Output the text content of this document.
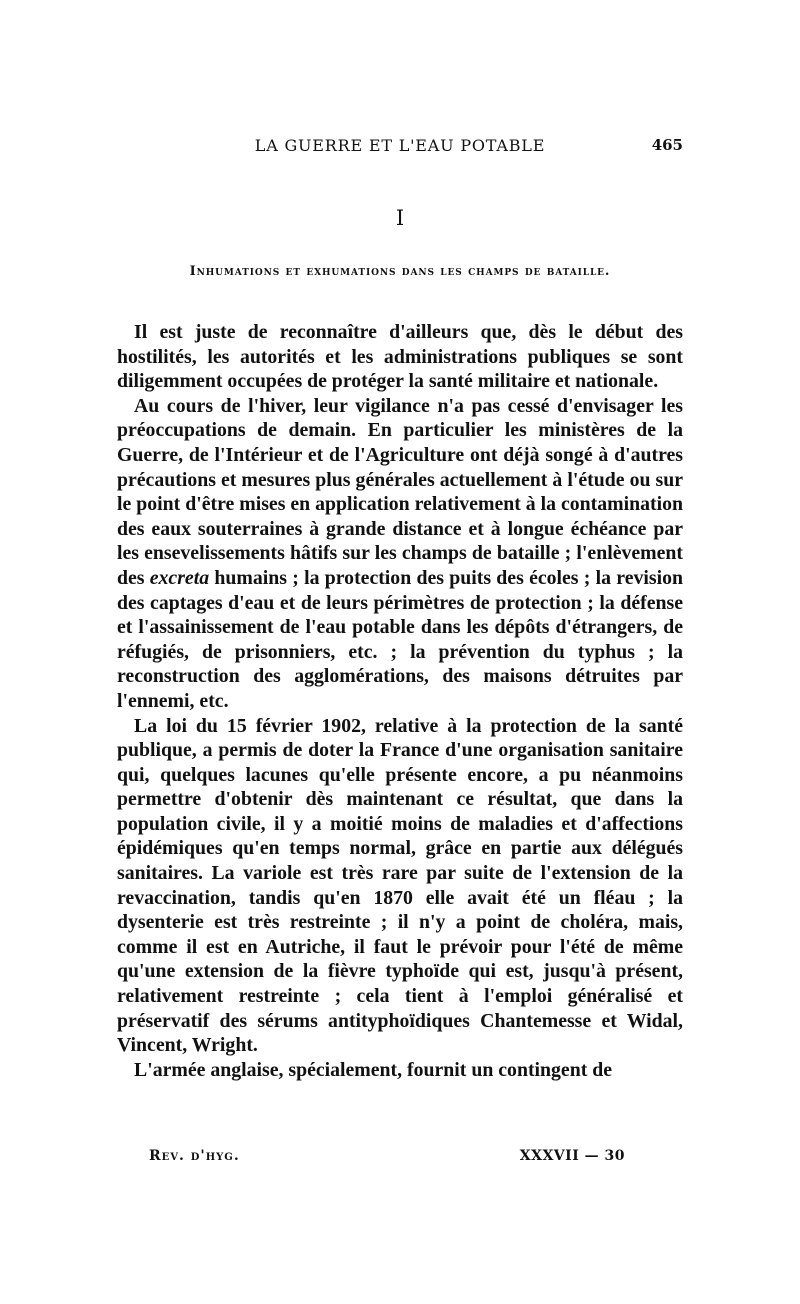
LA GUERRE ET L'EAU POTABLE	465
I
Inhumations et exhumations dans les champs de bataille.

Il est juste de reconnaître d'ailleurs que, dès le début des hostilités, les autorités et les administrations publiques se sont diligemment occupées de protéger la santé militaire et nationale.

Au cours de l'hiver, leur vigilance n'a pas cessé d'envisager les préoccupations de demain. En particulier les ministères de la Guerre, de l'Intérieur et de l'Agriculture ont déjà songé à d'autres précautions et mesures plus générales actuellement à l'étude ou sur le point d'être mises en application relativement à la contamination des eaux souterraines à grande distance et à longue échéance par les ensevelissements hâtifs sur les champs de bataille ; l'enlèvement des excreta humains ; la protection des puits des écoles ; la revision des captages d'eau et de leurs périmètres de protection ; la défense et l'assainissement de l'eau potable dans les dépôts d'étrangers, de réfugiés, de prisonniers, etc. ; la prévention du typhus ; la reconstruction des agglomérations, des maisons détruites par l'ennemi, etc.

La loi du 15 février 1902, relative à la protection de la santé publique, a permis de doter la France d'une organisation sanitaire qui, quelques lacunes qu'elle présente encore, a pu néanmoins permettre d'obtenir dès maintenant ce résultat, que dans la population civile, il y a moitié moins de maladies et d'affections épidémiques qu'en temps normal, grâce en partie aux délégués sanitaires. La variole est très rare par suite de l'extension de la revaccination, tandis qu'en 1870 elle avait été un fléau ; la dysenterie est très restreinte ; il n'y a point de choléra, mais, comme il est en Autriche, il faut le prévoir pour l'été de même qu'une extension de la fièvre typhoïde qui est, jusqu'à présent, relativement restreinte ; cela tient à l'emploi généralisé et préservatif des sérums antityphoïdiques Chantemesse et Widal, Vincent, Wright.

L'armée anglaise, spécialement, fournit un contingent de

Rev. d'hyg.	XXXVII — 30
